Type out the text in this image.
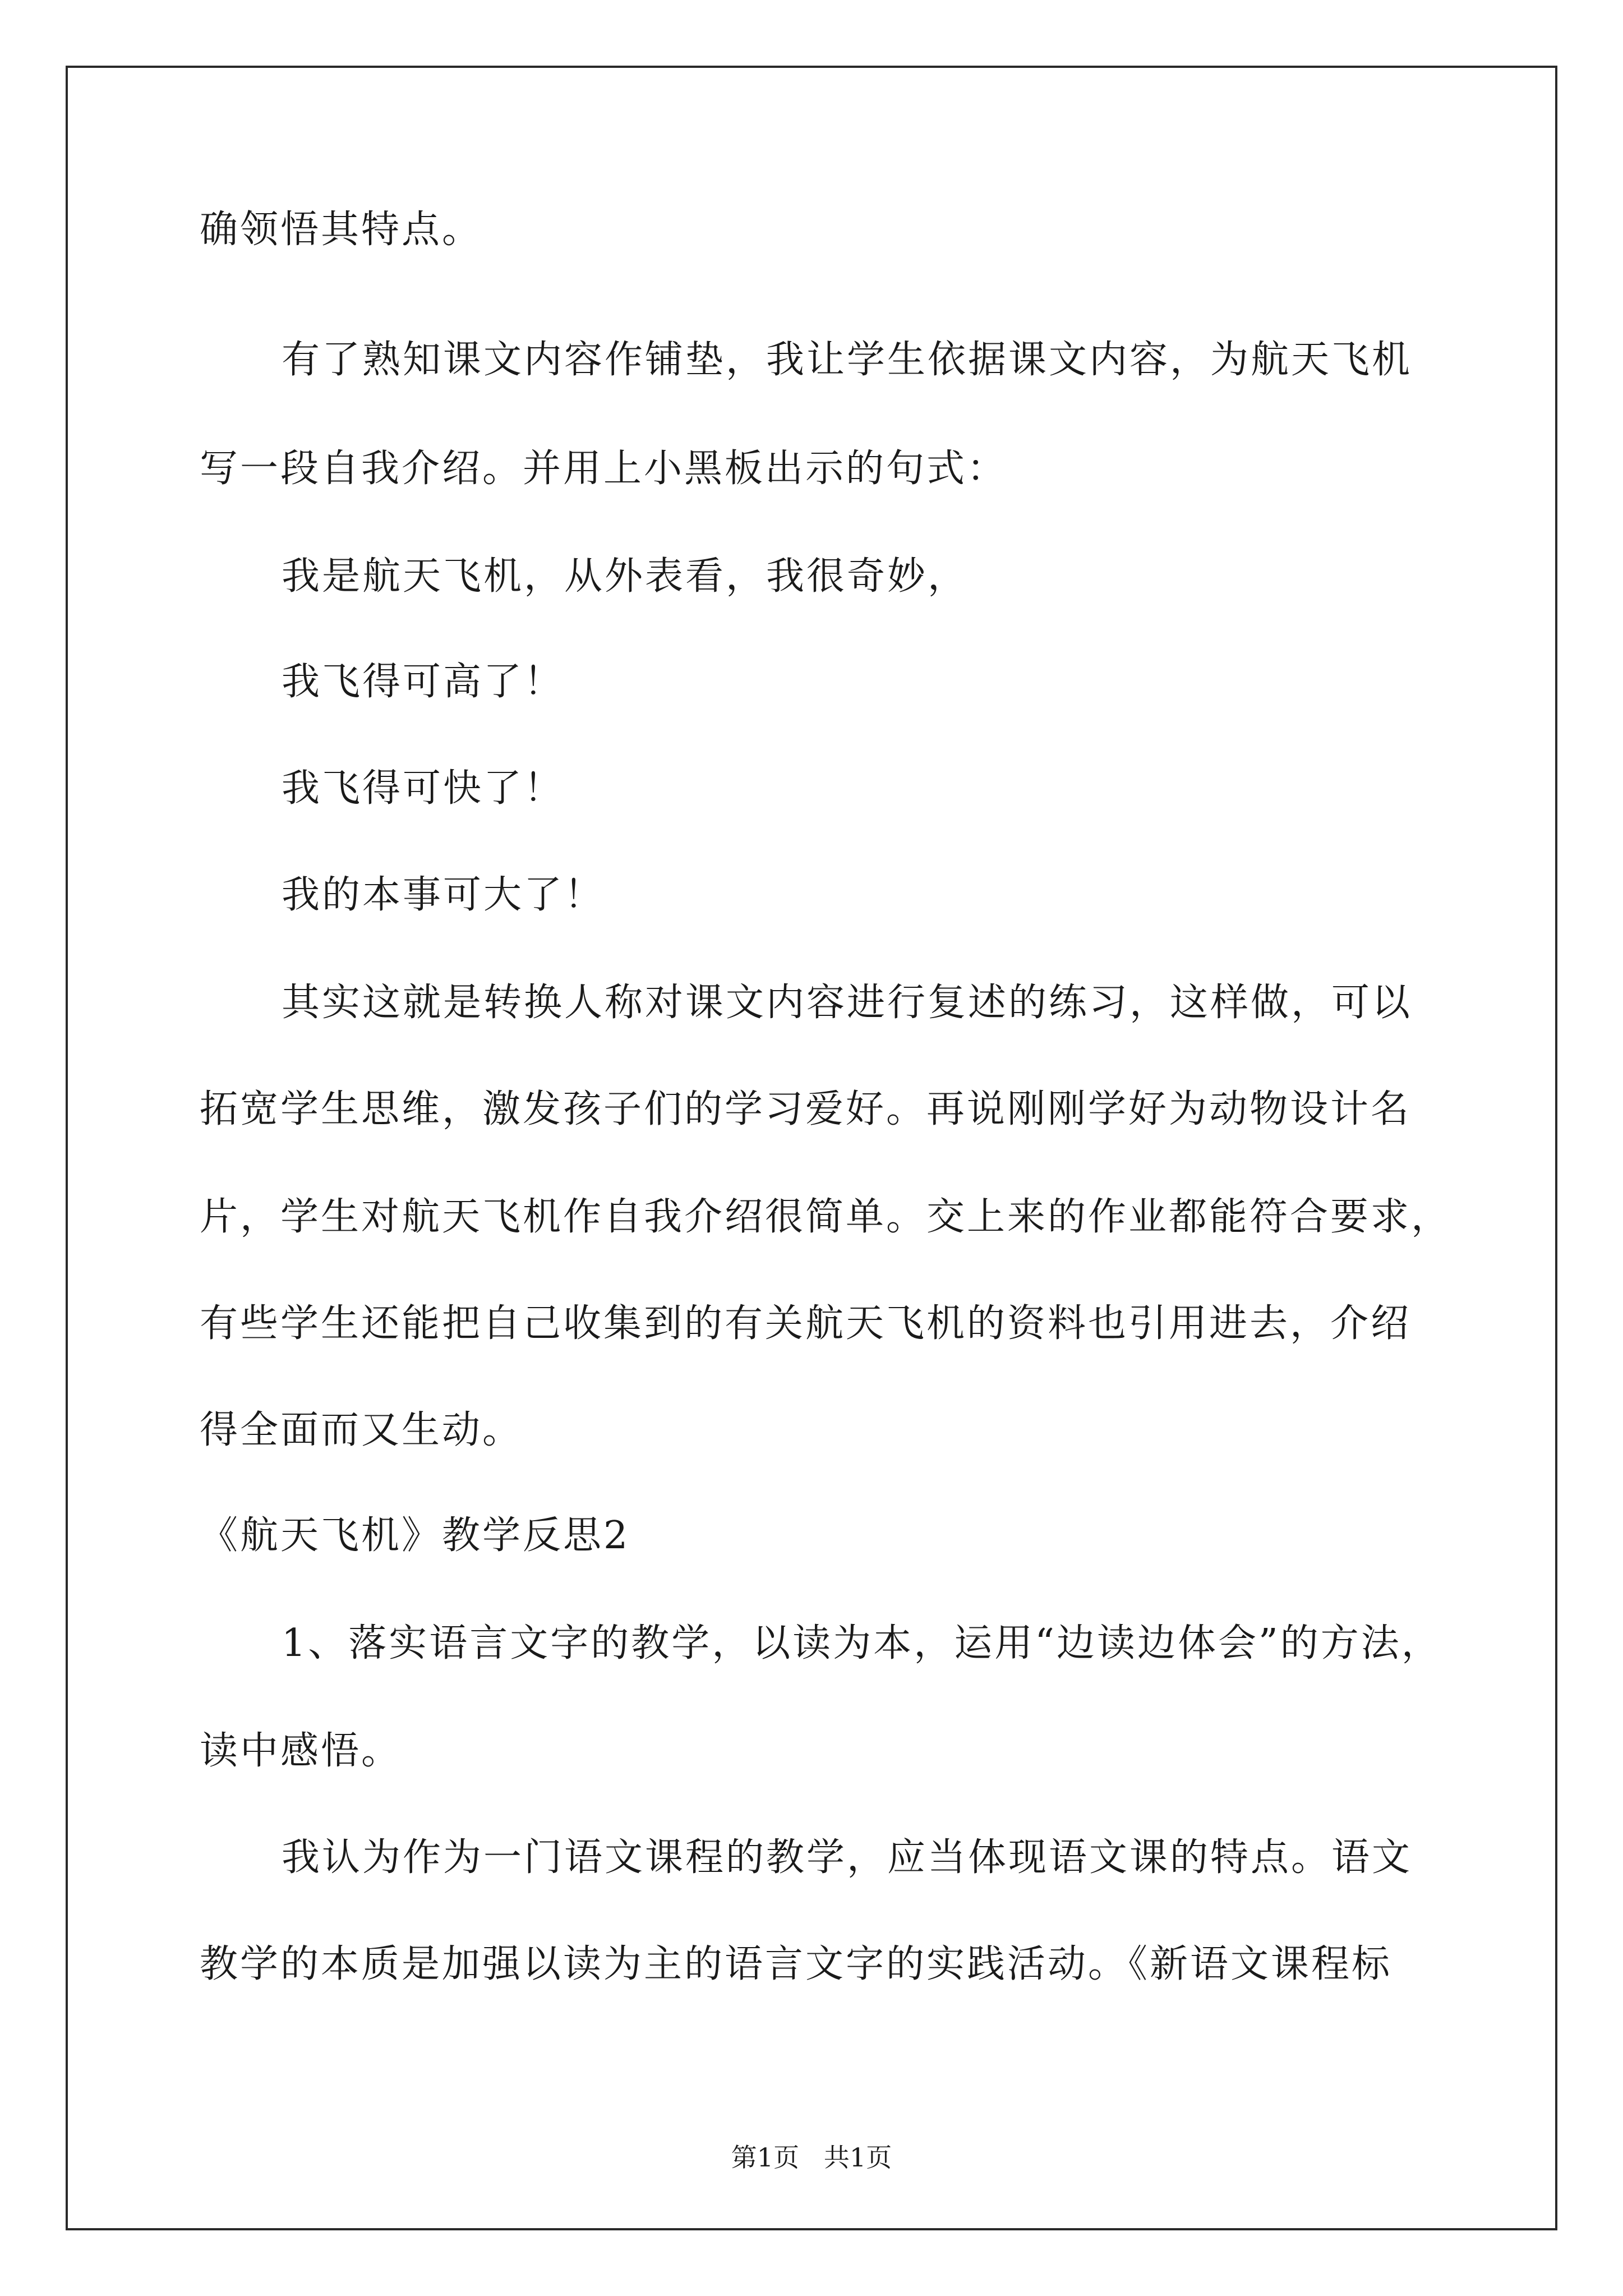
确领悟其特点。
有了熟知课文内容作铺垫，我让学生依据课文内容，为航天飞机
写一段自我介绍。并用上小黑板出示的句式：
我是航天飞机，从外表看，我很奇妙，
我飞得可高了！
我飞得可快了！
我的本事可大了！
其实这就是转换人称对课文内容进行复述的练习，这样做，可以
拓宽学生思维，激发孩子们的学习爱好。再说刚刚学好为动物设计名
片，学生对航天飞机作自我介绍很简单。交上来的作业都能符合要求，
有些学生还能把自己收集到的有关航天飞机的资料也引用进去，介绍
得全面而又生动。
《航天飞机》教学反思2
1、落实语言文字的教学，以读为本，运用“边读边体会”的方法，
读中感悟。
我认为作为一门语文课程的教学，应当体现语文课的特点。语文
教学的本质是加强以读为主的语言文字的实践活动。《新语文课程标
第1页   共1页
